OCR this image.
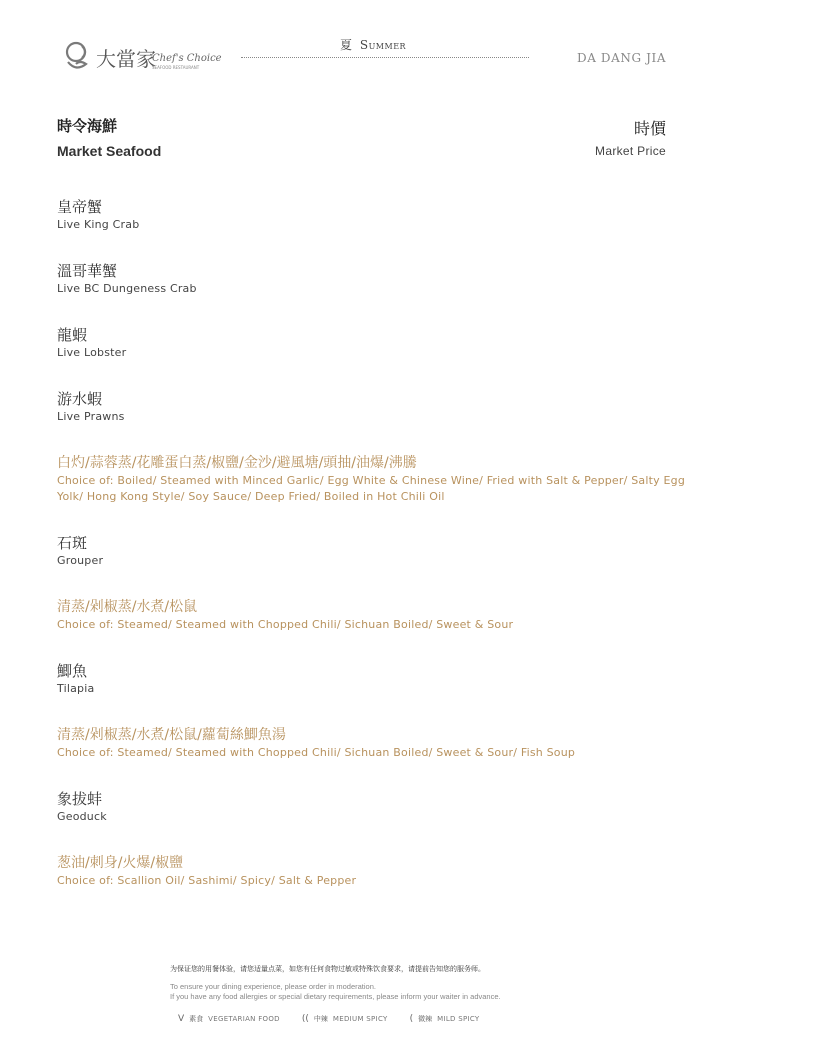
大當家
Chef's Choice
SEAFOOD RESTAURANT
夏 Summer
DA DANG JIA
時令海鮮
Market Seafood
時價
Market Price
皇帝蟹
Live King Crab
溫哥華蟹
Live BC Dungeness Crab
龍蝦
Live Lobster
游水蝦
Live Prawns
白灼/蒜蓉蒸/花雕蛋白蒸/椒鹽/金沙/避風塘/頭抽/油爆/沸騰
Choice of: Boiled/ Steamed with Minced Garlic/ Egg White & Chinese Wine/ Fried with Salt & Pepper/ Salty Egg Yolk/ Hong Kong Style/ Soy Sauce/ Deep Fried/ Boiled in Hot Chili Oil
石斑
Grouper
清蒸/剁椒蒸/水煮/松鼠
Choice of: Steamed/ Steamed with Chopped Chili/ Sichuan Boiled/ Sweet & Sour
鯽魚
Tilapia
清蒸/剁椒蒸/水煮/松鼠/蘿蔔絲鯽魚湯
Choice of: Steamed/ Steamed with Chopped Chili/ Sichuan Boiled/ Sweet & Sour/ Fish Soup
象拔蚌
Geoduck
葱油/刺身/火爆/椒鹽
Choice of: Scallion Oil/ Sashimi/ Spicy/ Salt & Pepper
为保证您的用餐体验，请您适量点菜，如您有任何食物过敏或特殊饮食要求，请提前告知您的服务师。
To ensure your dining experience, please order in moderation.
If you have any food allergies or special dietary requirements, please inform your waiter in advance.
V 素食 VEGETARIAN FOOD (( 中辣 MEDIUM SPICY ( 微辣 MILD SPICY
